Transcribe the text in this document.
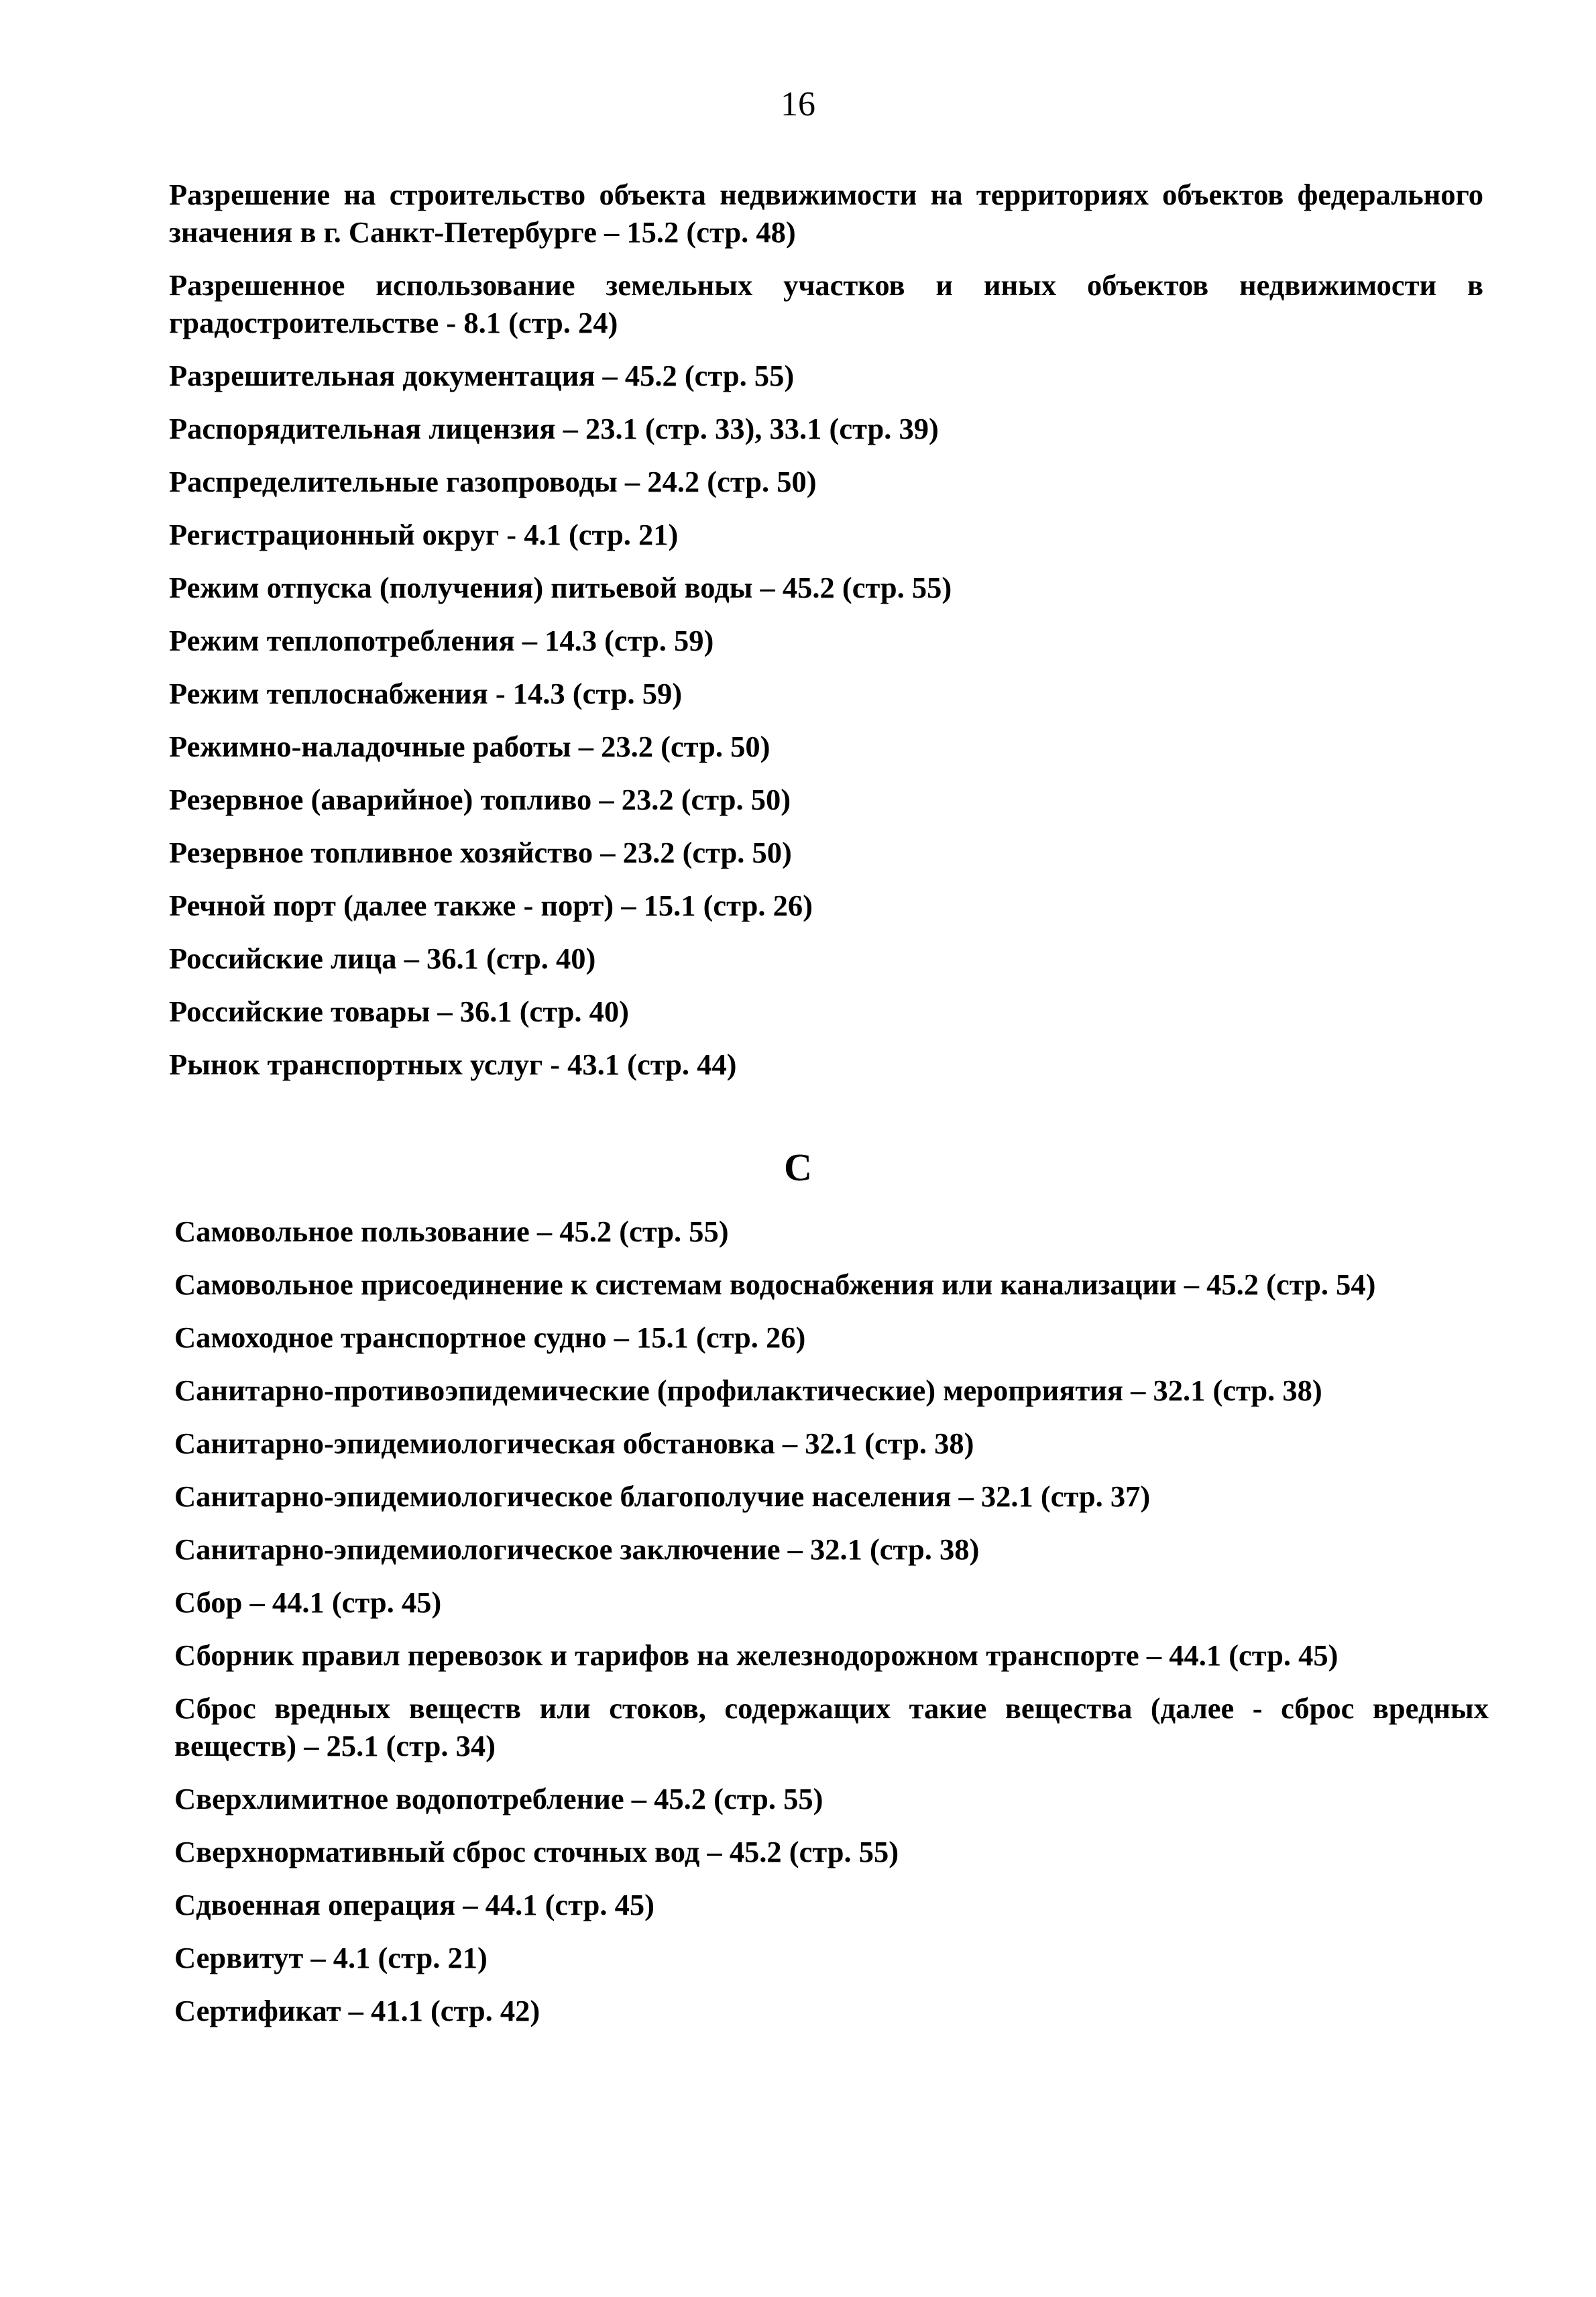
16
Разрешение на строительство объекта недвижимости на территориях объектов федерального значения в г. Санкт-Петербурге – 15.2 (стр. 48)
Разрешенное использование земельных участков и иных объектов недвижимости в градостроительстве - 8.1 (стр. 24)
Разрешительная документация – 45.2 (стр. 55)
Распорядительная лицензия – 23.1 (стр. 33), 33.1 (стр. 39)
Распределительные газопроводы – 24.2 (стр. 50)
Регистрационный округ - 4.1 (стр. 21)
Режим отпуска (получения) питьевой воды – 45.2 (стр. 55)
Режим теплопотребления – 14.3 (стр. 59)
Режим теплоснабжения - 14.3 (стр. 59)
Режимно-наладочные работы – 23.2 (стр. 50)
Резервное (аварийное) топливо – 23.2 (стр. 50)
Резервное топливное хозяйство – 23.2 (стр. 50)
Речной порт (далее также - порт) – 15.1 (стр. 26)
Российские лица – 36.1 (стр. 40)
Российские товары – 36.1 (стр. 40)
Рынок транспортных услуг - 43.1 (стр. 44)
С
Самовольное пользование – 45.2 (стр. 55)
Самовольное присоединение к системам водоснабжения или канализации – 45.2 (стр. 54)
Самоходное транспортное судно – 15.1 (стр. 26)
Санитарно-противоэпидемические (профилактические) мероприятия – 32.1 (стр. 38)
Санитарно-эпидемиологическая обстановка – 32.1 (стр. 38)
Санитарно-эпидемиологическое благополучие населения – 32.1 (стр. 37)
Санитарно-эпидемиологическое заключение – 32.1 (стр. 38)
Сбор – 44.1 (стр. 45)
Сборник правил перевозок и тарифов на железнодорожном транспорте – 44.1 (стр. 45)
Сброс вредных веществ или стоков, содержащих такие вещества (далее - сброс вредных веществ) – 25.1 (стр. 34)
Сверхлимитное водопотребление – 45.2 (стр. 55)
Сверхнормативный сброс сточных вод – 45.2 (стр. 55)
Сдвоенная операция – 44.1 (стр. 45)
Сервитут – 4.1 (стр. 21)
Сертификат – 41.1 (стр. 42)
